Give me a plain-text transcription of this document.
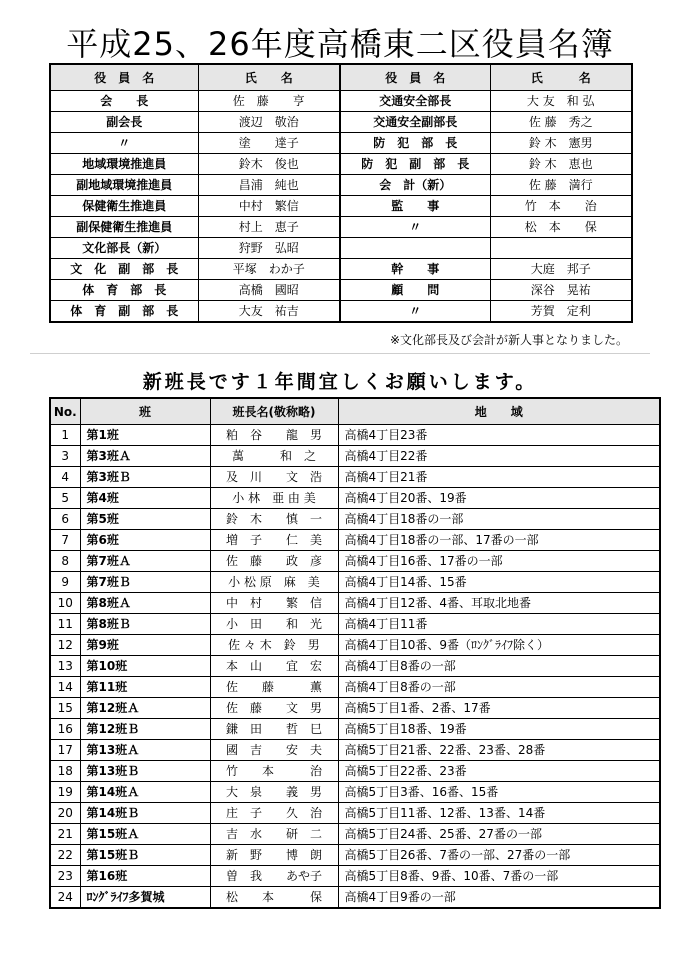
平成25、26年度高橋東二区役員名簿
役　員　名	氏　　名	役　員　名	氏　　　名
会　　長	佐　藤　　亨	交通安全部長	大 友　和 弘
副会長	渡辺　敬治	交通安全副部長	佐 藤　秀之
〃	塗　　達子	防　犯　部　長	鈴 木　憲男
地域環境推進員	鈴木　俊也	防　犯　副　部　長	鈴 木　恵也
副地域環境推進員	昌浦　純也	会　計（新）	佐 藤　満行
保健衛生推進員	中村　繁信	監　　事	竹　本　　治
副保健衛生推進員	村上　恵子	〃	松　本　　保
文化部長（新）	狩野　弘昭		
文　化　副　部　長	平塚　わか子	幹　　事	大庭　邦子
体　育　部　長	高橋　國昭	顧　　問	深谷　晃祐
体　育　副　部　長	大友　祐吉	〃	芳賀　定利
※文化部長及び会計が新人事となりました。
新班長です１年間宜しくお願いします。
No.	班	班長名(敬称略)	地　　域
1	第1班	粕　谷　　龍　男	高橋4丁目23番
3	第3班Ａ	萬　　　和　之	高橋4丁目22番
4	第3班Ｂ	及　川　　文　浩	高橋4丁目21番
5	第4班	小 林　亜 由 美	高橋4丁目20番、19番
6	第5班	鈴　木　　慎　一	高橋4丁目18番の一部
7	第6班	増　子　　仁　美	高橋4丁目18番の一部、17番の一部
8	第7班Ａ	佐　藤　　政　彦	高橋4丁目16番、17番の一部
9	第7班Ｂ	小 松 原　麻　美	高橋4丁目14番、15番
10	第8班Ａ	中　村　　繁　信	高橋4丁目12番、4番、耳取北地番
11	第8班Ｂ	小　田　　和　光	高橋4丁目11番
12	第9班	佐 々 木　鈴　男	高橋4丁目10番、9番（ﾛﾝｸﾞﾗｲﾌ除く）
13	第10班	本　山　　宜　宏	高橋4丁目8番の一部
14	第11班	佐　　藤　　　薫	高橋4丁目8番の一部
15	第12班Ａ	佐　藤　　文　男	高橋5丁目1番、2番、17番
16	第12班Ｂ	鎌　田　　哲　巳	高橋5丁目18番、19番
17	第13班Ａ	國　吉　　安　夫	高橋5丁目21番、22番、23番、28番
18	第13班Ｂ	竹　　本　　　治	高橋5丁目22番、23番
19	第14班Ａ	大　泉　　義　男	高橋5丁目3番、16番、15番
20	第14班Ｂ	庄　子　　久　治	高橋5丁目11番、12番、13番、14番
21	第15班Ａ	吉　水　　研　二	高橋5丁目24番、25番、27番の一部
22	第15班Ｂ	新　野　　博　朗	高橋5丁目26番、7番の一部、27番の一部
23	第16班	曽　我　　あや子	高橋5丁目8番、9番、10番、7番の一部
24	ﾛﾝｸﾞﾗｲﾌ多賀城	松　　本　　　保	高橋4丁目9番の一部
